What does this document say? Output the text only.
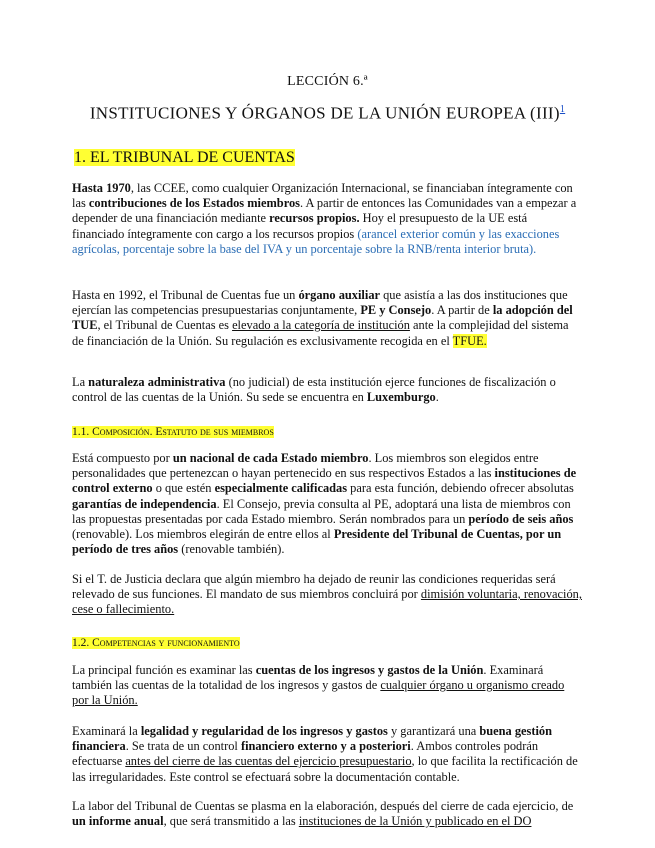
LECCIÓN 6.ª
INSTITUCIONES Y ÓRGANOS DE LA UNIÓN EUROPEA (III)$^1$
1. EL TRIBUNAL DE CUENTAS
Hasta 1970, las CCEE, como cualquier Organización Internacional, se financiaban íntegramente con las contribuciones de los Estados miembros. A partir de entonces las Comunidades van a empezar a depender de una financiación mediante recursos propios. Hoy el presupuesto de la UE está financiado íntegramente con cargo a los recursos propios (arancel exterior común y las exacciones agrícolas, porcentaje sobre la base del IVA y un porcentaje sobre la RNB/renta interior bruta).
Hasta en 1992, el Tribunal de Cuentas fue un órgano auxiliar que asistía a las dos instituciones que ejercían las competencias presupuestarias conjuntamente, PE y Consejo. A partir de la adopción del TUE, el Tribunal de Cuentas es elevado a la categoría de institución ante la complejidad del sistema de financiación de la Unión. Su regulación es exclusivamente recogida en el TFUE.
La naturaleza administrativa (no judicial) de esta institución ejerce funciones de fiscalización o control de las cuentas de la Unión. Su sede se encuentra en Luxemburgo.
1.1. Composición. Estatuto de sus miembros
Está compuesto por un nacional de cada Estado miembro. Los miembros son elegidos entre personalidades que pertenezcan o hayan pertenecido en sus respectivos Estados a las instituciones de control externo o que estén especialmente calificadas para esta función, debiendo ofrecer absolutas garantías de independencia. El Consejo, previa consulta al PE, adoptará una lista de miembros con las propuestas presentadas por cada Estado miembro. Serán nombrados para un período de seis años (renovable). Los miembros elegirán de entre ellos al Presidente del Tribunal de Cuentas, por un período de tres años (renovable también).
Si el T. de Justicia declara que algún miembro ha dejado de reunir las condiciones requeridas será relevado de sus funciones. El mandato de sus miembros concluirá por dimisión voluntaria, renovación, cese o fallecimiento.
1.2. Competencias y funcionamiento
La principal función es examinar las cuentas de los ingresos y gastos de la Unión. Examinará también las cuentas de la totalidad de los ingresos y gastos de cualquier órgano u organismo creado por la Unión.
Examinará la legalidad y regularidad de los ingresos y gastos y garantizará una buena gestión financiera. Se trata de un control financiero externo y a posteriori. Ambos controles podrán efectuarse antes del cierre de las cuentas del ejercicio presupuestario, lo que facilita la rectificación de las irregularidades. Este control se efectuará sobre la documentación contable.
La labor del Tribunal de Cuentas se plasma en la elaboración, después del cierre de cada ejercicio, de un informe anual, que será transmitido a las instituciones de la Unión y publicado en el DO
